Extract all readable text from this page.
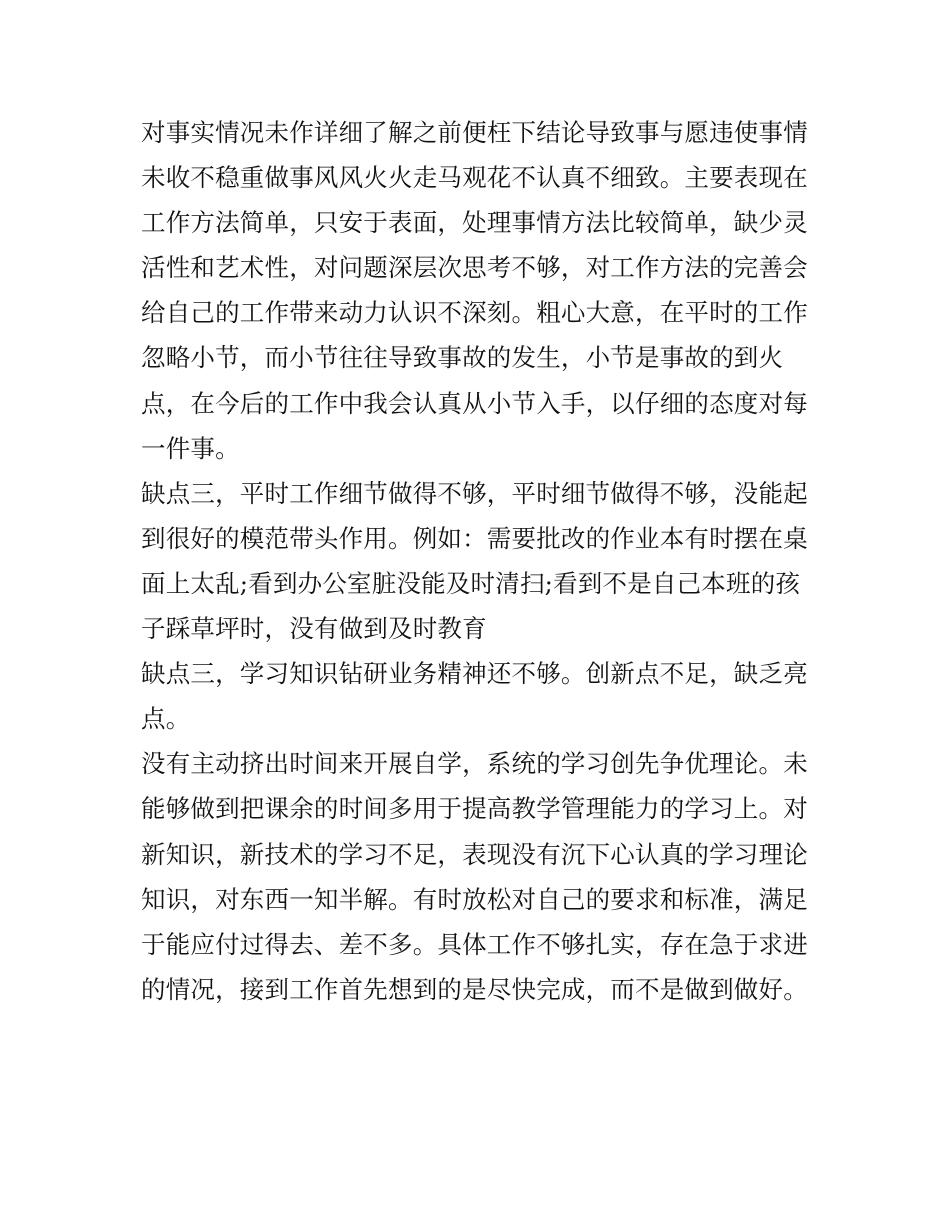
对事实情况未作详细了解之前便枉下结论导致事与愿违使事情
未收不稳重做事风风火火走马观花不认真不细致。主要表现在
工作方法简单，只安于表面，处理事情方法比较简单，缺少灵
活性和艺术性，对问题深层次思考不够，对工作方法的完善会
给自己的工作带来动力认识不深刻。粗心大意，在平时的工作
忽略小节，而小节往往导致事故的发生，小节是事故的到火
点，在今后的工作中我会认真从小节入手，以仔细的态度对每
一件事。
缺点三，平时工作细节做得不够，平时细节做得不够，没能起
到很好的模范带头作用。例如：需要批改的作业本有时摆在桌
面上太乱;看到办公室脏没能及时清扫;看到不是自己本班的孩
子踩草坪时，没有做到及时教育
缺点三，学习知识钻研业务精神还不够。创新点不足，缺乏亮
点。
没有主动挤出时间来开展自学，系统的学习创先争优理论。未
能够做到把课余的时间多用于提高教学管理能力的学习上。对
新知识，新技术的学习不足，表现没有沉下心认真的学习理论
知识，对东西一知半解。有时放松对自己的要求和标准，满足
于能应付过得去、差不多。具体工作不够扎实，存在急于求进
的情况，接到工作首先想到的是尽快完成，而不是做到做好。
